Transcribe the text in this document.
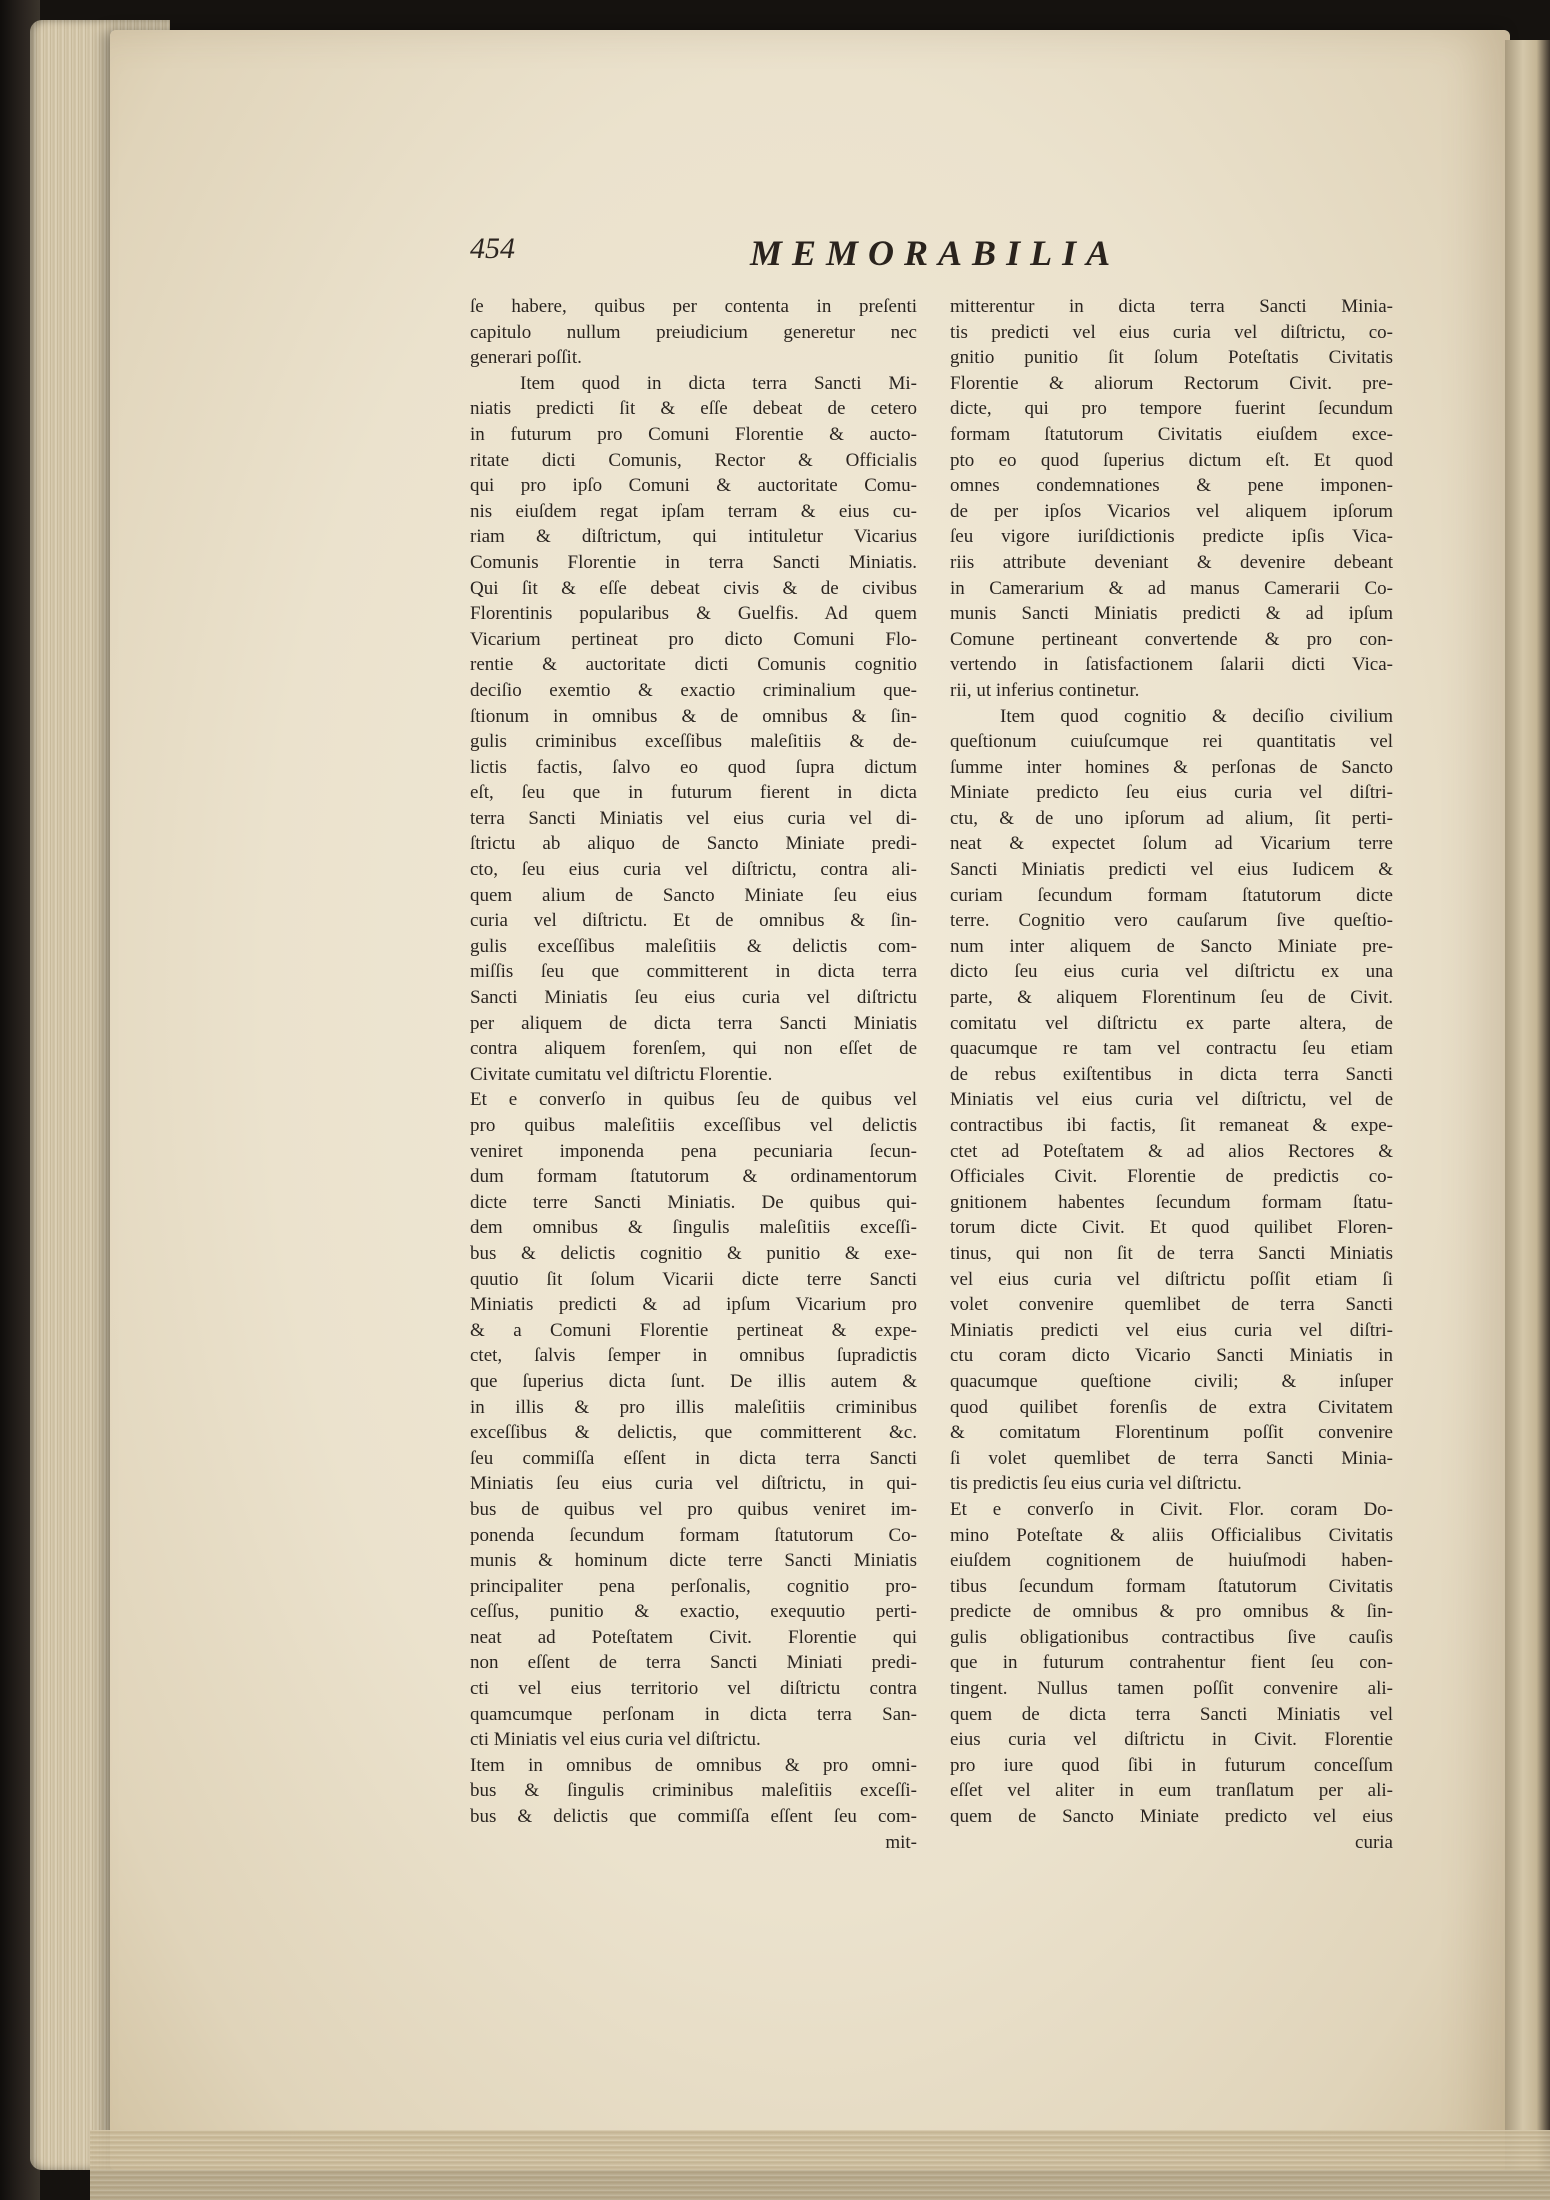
454	MEMORABILIA
ſe habere, quibus per contenta in preſenti
capitulo nullum preiudicium generetur nec
generari poſſit.
Item quod in dicta terra Sancti Mi-
niatis predicti ſit & eſſe debeat de cetero
in futurum pro Comuni Florentie & aucto-
ritate dicti Comunis, Rector & Officialis
qui pro ipſo Comuni & auctoritate Comu-
nis eiuſdem regat ipſam terram & eius cu-
riam & diſtrictum, qui intituletur Vicarius
Comunis Florentie in terra Sancti Miniatis.
Qui ſit & eſſe debeat civis & de civibus
Florentinis popularibus & Guelfis. Ad quem
Vicarium pertineat pro dicto Comuni Flo-
rentie & auctoritate dicti Comunis cognitio
deciſio exemtio & exactio criminalium que-
ſtionum in omnibus & de omnibus & ſin-
gulis criminibus exceſſibus maleſitiis & de-
lictis factis, ſalvo eo quod ſupra dictum
eſt, ſeu que in futurum fierent in dicta
terra Sancti Miniatis vel eius curia vel di-
ſtrictu ab aliquo de Sancto Miniate predi-
cto, ſeu eius curia vel diſtrictu, contra ali-
quem alium de Sancto Miniate ſeu eius
curia vel diſtrictu. Et de omnibus & ſin-
gulis exceſſibus maleſitiis & delictis com-
miſſis ſeu que committerent in dicta terra
Sancti Miniatis ſeu eius curia vel diſtrictu
per aliquem de dicta terra Sancti Miniatis
contra aliquem forenſem, qui non eſſet de
Civitate cumitatu vel diſtrictu Florentie.
Et e converſo in quibus ſeu de quibus vel
pro quibus maleſitiis exceſſibus vel delictis
veniret imponenda pena pecuniaria ſecun-
dum formam ſtatutorum & ordinamentorum
dicte terre Sancti Miniatis. De quibus qui-
dem omnibus & ſingulis maleſitiis exceſſi-
bus & delictis cognitio & punitio & exe-
quutio ſit ſolum Vicarii dicte terre Sancti
Miniatis predicti & ad ipſum Vicarium pro
& a Comuni Florentie pertineat & expe-
ctet, ſalvis ſemper in omnibus ſupradictis
que ſuperius dicta ſunt. De illis autem &
in illis & pro illis maleſitiis criminibus
exceſſibus & delictis, que committerent &c.
ſeu commiſſa eſſent in dicta terra Sancti
Miniatis ſeu eius curia vel diſtrictu, in qui-
bus de quibus vel pro quibus veniret im-
ponenda ſecundum formam ſtatutorum Co-
munis & hominum dicte terre Sancti Miniatis
principaliter pena perſonalis, cognitio pro-
ceſſus, punitio & exactio, exequutio perti-
neat ad Poteſtatem Civit. Florentie qui
non eſſent de terra Sancti Miniati predi-
cti vel eius territorio vel diſtrictu contra
quamcumque perſonam in dicta terra San-
cti Miniatis vel eius curia vel diſtrictu.
Item in omnibus de omnibus & pro omni-
bus & ſingulis criminibus maleſitiis exceſſi-
bus & delictis que commiſſa eſſent ſeu com-
mit-
mitterentur in dicta terra Sancti Minia-
tis predicti vel eius curia vel diſtrictu, co-
gnitio punitio ſit ſolum Poteſtatis Civitatis
Florentie & aliorum Rectorum Civit. pre-
dicte, qui pro tempore fuerint ſecundum
formam ſtatutorum Civitatis eiuſdem exce-
pto eo quod ſuperius dictum eſt. Et quod
omnes condemnationes & pene imponen-
de per ipſos Vicarios vel aliquem ipſorum
ſeu vigore iuriſdictionis predicte ipſis Vica-
riis attribute deveniant & devenire debeant
in Camerarium & ad manus Camerarii Co-
munis Sancti Miniatis predicti & ad ipſum
Comune pertineant convertende & pro con-
vertendo in ſatisfactionem ſalarii dicti Vica-
rii, ut inferius continetur.
Item quod cognitio & deciſio civilium
queſtionum cuiuſcumque rei quantitatis vel
ſumme inter homines & perſonas de Sancto
Miniate predicto ſeu eius curia vel diſtri-
ctu, & de uno ipſorum ad alium, ſit perti-
neat & expectet ſolum ad Vicarium terre
Sancti Miniatis predicti vel eius Iudicem &
curiam ſecundum formam ſtatutorum dicte
terre. Cognitio vero cauſarum ſive queſtio-
num inter aliquem de Sancto Miniate pre-
dicto ſeu eius curia vel diſtrictu ex una
parte, & aliquem Florentinum ſeu de Civit.
comitatu vel diſtrictu ex parte altera, de
quacumque re tam vel contractu ſeu etiam
de rebus exiſtentibus in dicta terra Sancti
Miniatis vel eius curia vel diſtrictu, vel de
contractibus ibi factis, ſit remaneat & expe-
ctet ad Poteſtatem & ad alios Rectores &
Officiales Civit. Florentie de predictis co-
gnitionem habentes ſecundum formam ſtatu-
torum dicte Civit. Et quod quilibet Floren-
tinus, qui non ſit de terra Sancti Miniatis
vel eius curia vel diſtrictu poſſit etiam ſi
volet convenire quemlibet de terra Sancti
Miniatis predicti vel eius curia vel diſtri-
ctu coram dicto Vicario Sancti Miniatis in
quacumque queſtione civili; & inſuper
quod quilibet forenſis de extra Civitatem
& comitatum Florentinum poſſit convenire
ſi volet quemlibet de terra Sancti Minia-
tis predictis ſeu eius curia vel diſtrictu.
Et e converſo in Civit. Flor. coram Do-
mino Poteſtate & aliis Officialibus Civitatis
eiuſdem cognitionem de huiuſmodi haben-
tibus ſecundum formam ſtatutorum Civitatis
predicte de omnibus & pro omnibus & ſin-
gulis obligationibus contractibus ſive cauſis
que in futurum contrahentur fient ſeu con-
tingent. Nullus tamen poſſit convenire ali-
quem de dicta terra Sancti Miniatis vel
eius curia vel diſtrictu in Civit. Florentie
pro iure quod ſibi in futurum conceſſum
eſſet vel aliter in eum tranſlatum per ali-
quem de Sancto Miniate predicto vel eius
curia
